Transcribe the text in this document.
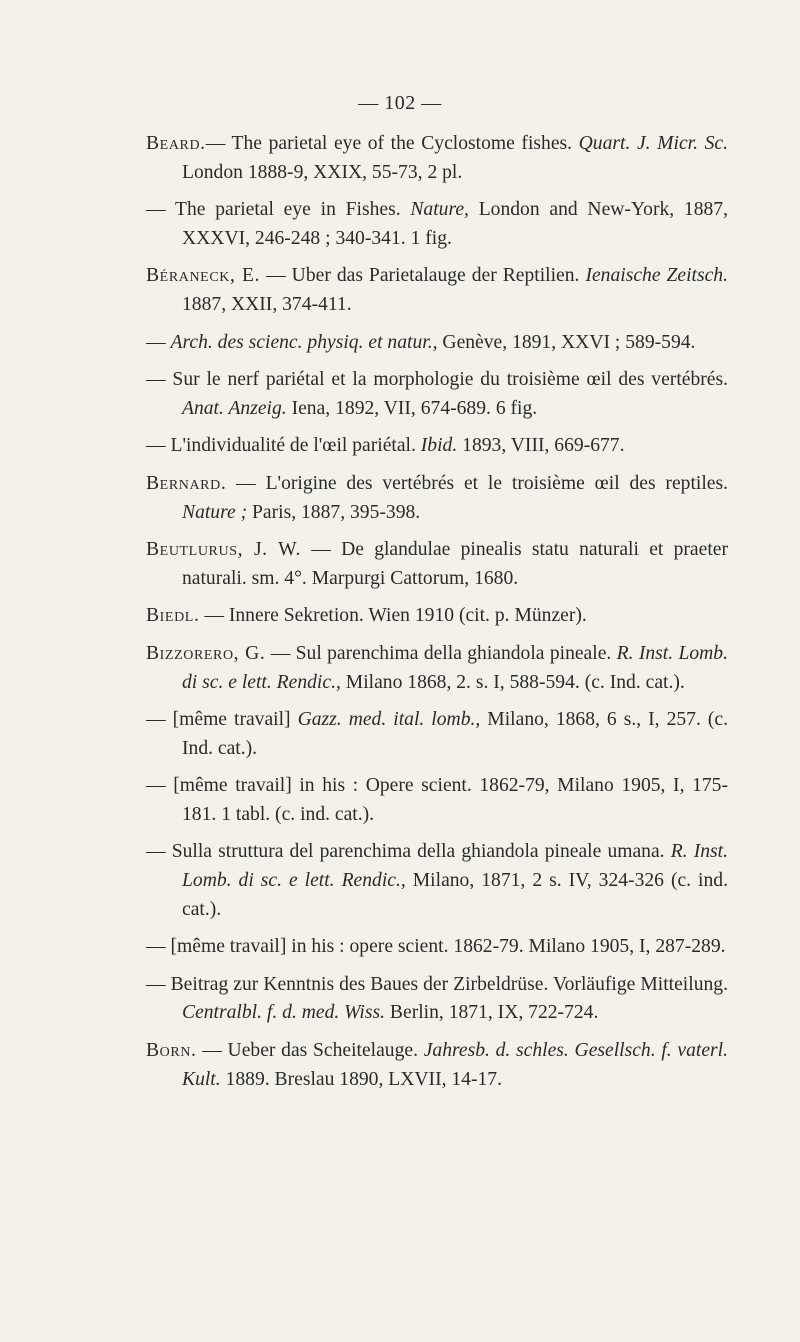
— 102 —
Beard.— The parietal eye of the Cyclostome fishes. Quart. J. Micr. Sc. London 1888-9, XXIX, 55-73, 2 pl.
— The parietal eye in Fishes. Nature, London and New-York, 1887, XXXVI, 246-248 ; 340-341. 1 fig.
Béraneck, E. — Uber das Parietalauge der Reptilien. Ienaische Zeitsch. 1887, XXII, 374-411.
— Arch. des scienc. physiq. et natur., Genève, 1891, XXVI ; 589-594.
— Sur le nerf pariétal et la morphologie du troisième œil des vertébrés. Anat. Anzeig. Iena, 1892, VII, 674-689. 6 fig.
— L'individualité de l'œil pariétal. Ibid. 1893, VIII, 669-677.
Bernard. — L'origine des vertébrés et le troisième œil des reptiles. Nature ; Paris, 1887, 395-398.
Beutlurus, J. W. — De glandulae pinealis statu naturali et praeter naturali. sm. 4°. Marpurgi Cattorum, 1680.
Biedl. — Innere Sekretion. Wien 1910 (cit. p. Münzer).
Bizzorero, G. — Sul parenchima della ghiandola pineale. R. Inst. Lomb. di sc. e lett. Rendic., Milano 1868, 2. s. I, 588-594. (c. Ind. cat.).
— [même travail] Gazz. med. ital. lomb., Milano, 1868, 6 s., I, 257. (c. Ind. cat.).
— [même travail] in his : Opere scient. 1862-79, Milano 1905, I, 175-181. 1 tabl. (c. ind. cat.).
— Sulla struttura del parenchima della ghiandola pineale umana. R. Inst. Lomb. di sc. e lett. Rendic., Milano, 1871, 2 s. IV, 324-326 (c. ind. cat.).
— [même travail] in his : opere scient. 1862-79. Milano 1905, I, 287-289.
— Beitrag zur Kenntnis des Baues der Zirbeldrüse. Vorläufige Mitteilung. Centralbl. f. d. med. Wiss. Berlin, 1871, IX, 722-724.
Born. — Ueber das Scheitelauge. Jahresb. d. schles. Gesellsch. f. vaterl. Kult. 1889. Breslau 1890, LXVII, 14-17.
